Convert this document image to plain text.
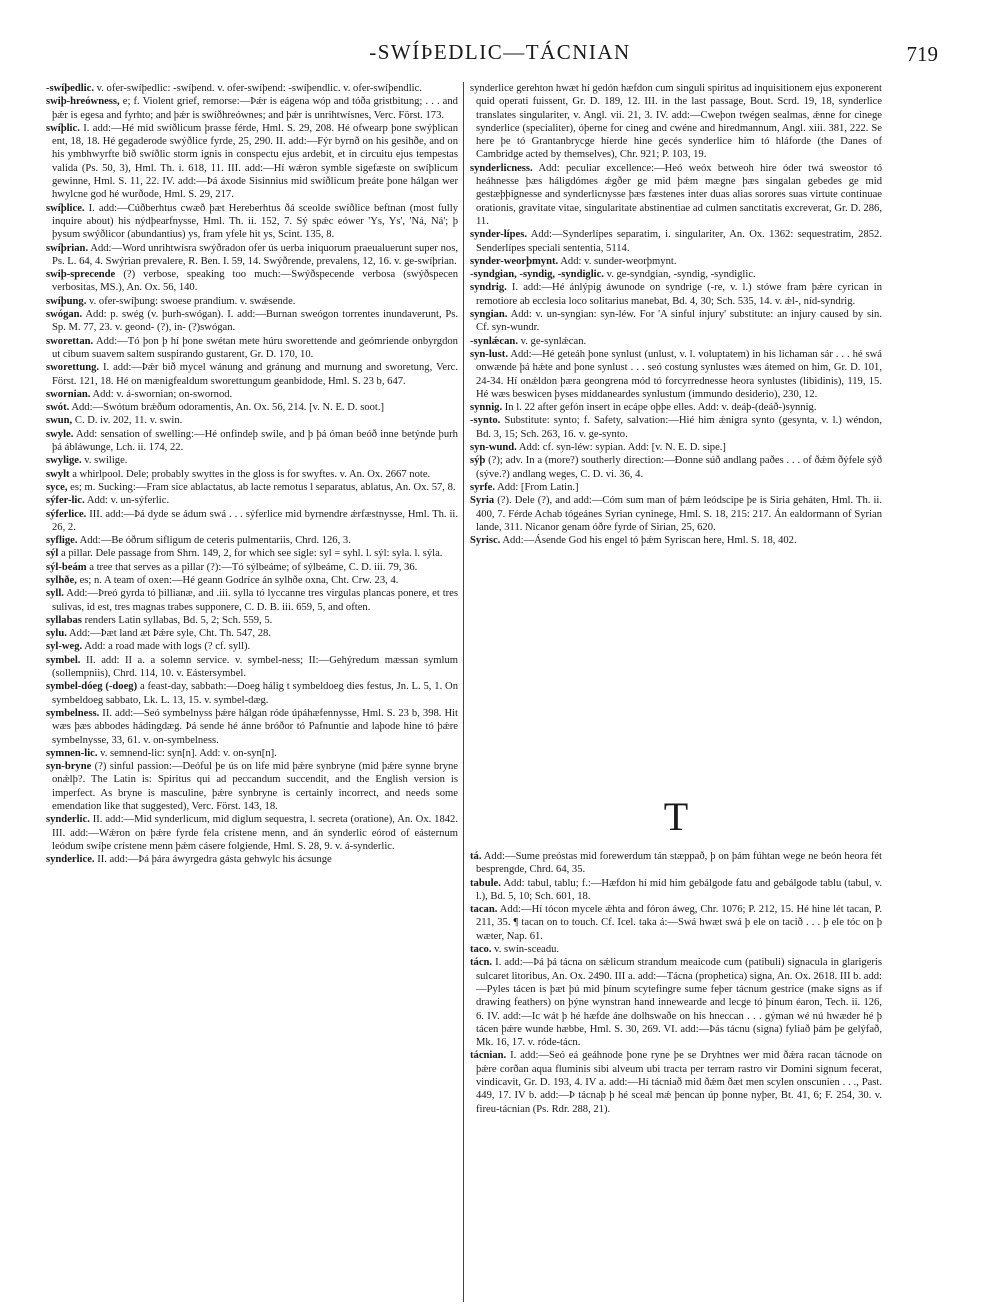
-SWÍÞEDLIC—TÁCNIAN	719

-swíþedlic. v. ofer-swíþedlic: -swíþend. v. ofer-swíþend: -swíþendlic. v. ofer-swíþendlic.

swiþ-hreówness, e; f. Violent grief, remorse:—Þǽr is eágena wóp and tóða gristbitung; . . . and þǽr is egesa and fyrhto; and þǽr is swíðhreównes; and þǽr is unrihtwísnes, Verc. Först. 173.

swíþlic. I. add:—Hé mid swíðlicum þrasse férde, Hml. S. 29, 208. Hé ofwearp þone swýþlican ent, 18, 18. Hé gegaderode swýðlice fyrde, 25, 290. II. add:—Fýr byrnð on his gesihðe, and on his ymbhwyrfte bið swíðlic storm ignis in conspectu ejus ardebit, et in circuitu ejus tempestas valida (Ps. 50, 3), Hml. Th. i. 618, 11. III. add:—Hí wǽron symble sigefæste on swíþlicum gewinne, Hml. S. 11, 22. IV. add:—Þá áxode Sisinnius mid swíðlicum þreáte þone hálgan wer hwylcne god hé wurðode, Hml. S. 29, 217.

swíþlice. I. add:—Cúðberhtus cwæð þæt Hereberhtus ðá sceolde swíðlice beftnan (most fully inquire about) his nýdþearfnysse, Hml. Th. ii. 152, 7. Sý spǽc eówer 'Ys, Ys', 'Ná, Ná'; þ þysum swýðlicor (abundantius) ys, fram yfele hit ys, Scint. 135, 8.

swíþrian. Add:—Word unrihtwísra swýðradon ofer ús uerba iniquorum praeualuerunt super nos, Ps. L. 64, 4. Swýrian prevalere, R. Ben. I. 59, 14. Swýðrende, prevalens, 12, 16. v. ge-swíþrian.

swiþ-sprecende (?) verbose, speaking too much:—Swýðspecende verbosa (swýðspecen verbositas, MS.), An. Ox. 56, 140.

swíþung. v. ofer-swíþung: swoese prandium. v. swǽsende.

swógan. Add: p. swég (v. þurh-swógan). I. add:—Burnan sweógon torrentes inundaverunt, Ps. Sp. M. 77, 23. v. geond- (?), in- (?)swógan.

sworettan. Add:—Tó þon þ hí þone swétan mete húru sworettende and geómriende onbyrgdon ut cibum suavem saltem suspirando gustarent, Gr. D. 170, 10.

sworettung. I. add:—Þǽr bið mycel wánung and gránung and murnung and sworetung, Verc. Först. 121, 18. Hé on mænigfealdum sworettungum geanbidode, Hml. S. 23 b, 647.

swornian. Add: v. á-swornian; on-swornod.

swót. Add:—Swótum brǽðum odoramentis, An. Ox. 56, 214. [v. N. E. D. soot.]

swun, C. D. iv. 202, 11. v. swin.

swyle. Add: sensation of swelling:—Hé onfindeþ swile, and þ þá óman beóð inne betýnde þurh þá ábláwunge, Lch. ii. 174, 22.

swylige. v. swilige.

swylt a whirlpool. Dele; probably swyttes in the gloss is for swyftes. v. An. Ox. 2667 note.

syce, es; m. Sucking:—Fram sice ablactatus, ab lacte remotus l separatus, ablatus, An. Ox. 57, 8.

sýfer-lic. Add: v. un-sýferlic.

sýferlice. III. add:—Þá dyde se ádum swá . . . sýferlice mid byrnendre ǽrfæstnysse, Hml. Th. ii. 26, 2.

syflige. Add:—Be óðrum sifligum de ceteris pulmentariis, Chrd. 126, 3.

sýl a pillar. Dele passage from Shrn. 149, 2, for which see sigle: syl = syhl. l. sýl: syla. l. sýla.

sýl-beám a tree that serves as a pillar (?):—Tó sýlbeáme; of sýlbeáme, C. D. iii. 79, 36.

sylhðe, es; n. A team of oxen:—Hé geann Godríce án sylhðe oxna, Cht. Crw. 23, 4.

syll. Add:—Þreó gyrda tó þillianæ, and .iii. sylla tó lyccanne tres virgulas plancas ponere, et tres sulivas, id est, tres magnas trabes supponere, C. D. B. iii. 659, 5, and often.

syllabas renders Latin syllabas, Bd. 5, 2; Sch. 559, 5.

sylu. Add:—Þæt land æt Þǽre syle, Cht. Th. 547, 28.

syl-weg. Add: a road made with logs (? cf. syll).

symbel. II. add: II a. a solemn service. v. symbel-ness; II:—Gehýredum mæssan symlum (sollempniis), Chrd. 114, 10. v. Eástersymbel.

symbel-dóeg (-doeg) a feast-day, sabbath:—Doeg hálig t symbeldoeg dies festus, Jn. L. 5, 1. On symbeldoeg sabbato, Lk. L. 13, 15. v. symbel-dæg.

symbelness. II. add:—Seó symbelnyss þǽre hálgan róde úpáhæfennysse, Hml. S. 23 b, 398. Hit wæs þæs abbodes hádingdæg. Þá sende hé ánne bróðor tó Pafnuntie and laþode hine tó þǽre symbelnysse, 33, 61. v. on-symbelness.

symnen-lic. v. semnend-lic: syn[n]. Add: v. on-syn[n].

syn-bryne (?) sinful passion:—Deóful þe ús on life mid þǽre synbryne (mid þǽre synne bryne onǽlþ?. The Latin is: Spiritus qui ad peccandum succendit, and the English version is imperfect. As bryne is masculine, þǽre synbryne is certainly incorrect, and needs some emendation like that suggested), Verc. Först. 143, 18.

synderlic. II. add:—Mid synderlicum, mid diglum sequestra, l. secreta (oratione), An. Ox. 1842. III. add:—Wǽron on þǽre fyrde fela crístene menn, and án synderlic eórod of eásternum leódum swíþe crístene menn þǽm cásere folgiende, Hml. S. 28, 9. v. á-synderlic.

synderlice. II. add:—Þá þára áwyrgedra gásta gehwylc his ácsunge

synderlice gerehton hwæt hí gedón hæfdon cum singuli spiritus ad inquisitionem ejus exponerent quid operati fuissent, Gr. D. 189, 12. III. in the last passage, Bout. Scrd. 19, 18, synderlice translates singulariter, v. Angl. vii. 21, 3. IV. add:—Cweþon twégen sealmas, ǽnne for cinege synderlice (specialiter), óþerne for cineg and cwéne and hiredmannum, Angl. xiii. 381, 222. Se here þe tó Grantanbrycge híerde hine gecés synderlice him tó hláforde (the Danes of Cambridge acted by themselves), Chr. 921; P. 103, 19.

synderlicness. Add: peculiar excellence:—Heó weóx betweoh hire óder twá sweostor tó heáhnesse þæs háligdómes ǽgðer ge mid þǽm mægne þæs singalan gebedes ge mid gestæþþignesse and synderlicnysse þæs fæstenes inter duas alias sorores suas virtute continuae orationis, gravitate vitae, singularitate abstinentiae ad culmen sanctitatis excreverat, Gr. D. 286, 11.

synder-lípes. Add:—Synderlípes separatim, i. singulariter, An. Ox. 1362: sequestratim, 2852. Senderlípes speciali sententia, 5114.

synder-weorþmynt. Add: v. sunder-weorþmynt.

-syndgian, -syndig, -syndiglic. v. ge-syndgian, -syndig, -syndiglic.

syndrig. I. add:—Hé ánlýpig áwunode on syndrige (-re, v. l.) stówe fram þǽre cyrican in remotiore ab ecclesia loco solitarius manebat, Bd. 4, 30; Sch. 535, 14. v. ǽl-, níd-syndrig.

syngian. Add: v. un-syngian: syn-léw. For 'A sinful injury' substitute: an injury caused by sin. Cf. syn-wundr.

-synlǽcan. v. ge-synlǽcan.

syn-lust. Add:—Hé geteáh þone synlust (unlust, v. l. voluptatem) in his lichaman sár . . . hé swá onwænde þá hǽte and þone synlust . . . seó costung synlustes wæs átemed on him, Gr. D. 101, 24-34. Hí onǽldon þæra geongrena mód tó forcyrrednesse heora synlustes (libidinis), 119, 15. Hé wæs beswicen þyses middaneardes synlustum (immundo desiderio), 230, 12.

synnig. In l. 22 after gefón insert in ecápe oþþe elles. Add: v. deáþ-(deáð-)synnig.

-synto. Substitute: synto; f. Safety, salvation:—Hié him ǽnigra synto (gesynta, v. l.) wéndon, Bd. 3, 15; Sch. 263, 16. v. ge-synto.

syn-wund. Add: cf. syn-léw: sypian. Add: [v. N. E. D. sipe.]

sýþ (?); adv. In a (more?) southerly direction:—Ðonne súð andlang paðes . . . of ðǽm ðýfele sýð (sýve.?) andlang weges, C. D. vi. 36, 4.

syrfe. Add: [From Latin.]

Syria (?). Dele (?), and add:—Cóm sum man of þǽm leódscipe þe is Siria geháten, Hml. Th. ii. 400, 7. Férde Achab tógeánes Syrian cyninege, Hml. S. 18, 215: 217. Án ealdormann of Syrian lande, 311. Nicanor genam óðre fyrde of Sirian, 25, 620.

Syrisc. Add:—Ásende God his engel tó þǽm Syriscan here, Hml. S. 18, 402.

T

tá. Add:—Sume preóstas mid forewerdum tán stæppað, þ on þám fúhtan wege ne beón heora fét besprengde, Chrd. 64, 35.

tabule. Add: tabul, tablu; f.:—Hæfdon hí mid him gebálgode fatu and gebálgode tablu (tabul, v. l.), Bd. 5, 10; Sch. 601, 18.

tacan. Add:—Hí tócon mycele ǽhta and fóron áweg, Chr. 1076; P. 212, 15. Hé hine lét tacan, P. 211, 35. ¶ tacan on to touch. Cf. Icel. taka á:—Swá hwæt swá þ ele on tacið . . . þ ele tóc on þ wæter, Nap. 61.

taco. v. swín-sceadu.

tácn. I. add:—Þá þá tácna on sǽlicum strandum meaicode cum (patibuli) signacula in glarigeris sulcaret litoribus, An. Ox. 2490. III a. add:—Tácna (prophetica) signa, An. Ox. 2618. III b. add:—Pyles tácen is þæt þú mid þínum scytefingre sume feþer tácnum gestrice (make signs as if drawing feathers) on þýne wynstran hand innewearde and lecge tó þínum éaron, Tech. ii. 126, 6. IV. add:—Ic wát þ hé hæfde áne dolhswaðe on his hneccan . . . gýman wé nú hwæder hé þ tácen þǽre wunde hæbbe, Hml. S. 30, 269. VI. add:—Þás tácnu (signa) fyliað þám þe gelýfað, Mk. 16, 17. v. róde-tácn.

tácnian. I. add:—Seó eá geáhnode þone ryne þe se Dryhtnes wer mid ðǽra racan tácnode on þǽre corðan aqua fluminis sibi alveum ubi tracta per terram rastro vir Domini signum fecerat, vindicavit, Gr. D. 193, 4. IV a. add:—Hí tácniað mid ðǽm ðæt men scylen onscunien . . ., Past. 449, 17. IV b. add:—Þ tácnaþ þ hé sceal mǽ þencan úp þonne nyþer, Bt. 41, 6; F. 254, 30. v. fireu-tácnian (Ps. Rdr. 288, 21).
